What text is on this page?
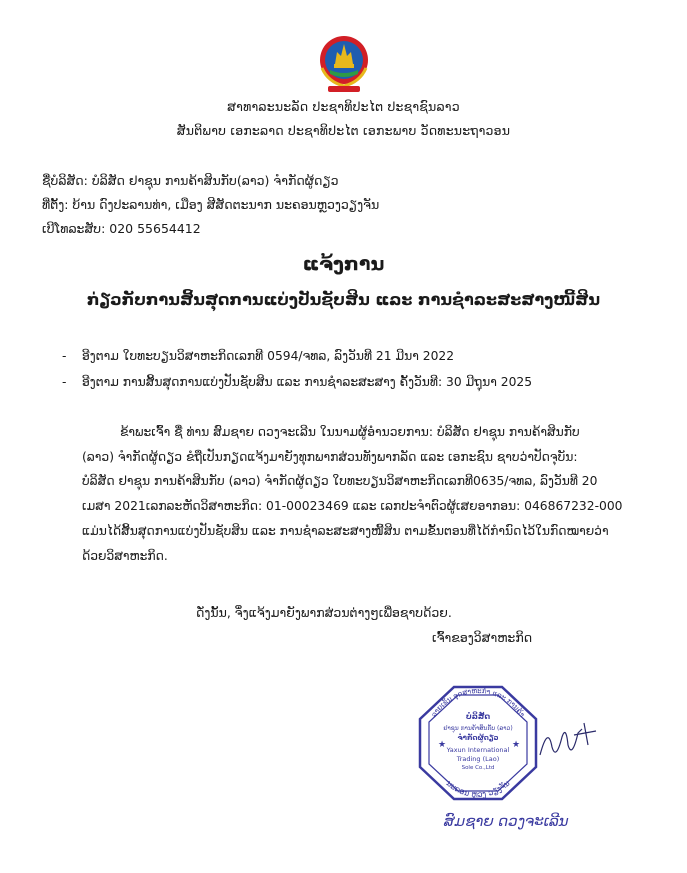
ສາທາລະນະລັດ ປະຊາທິປະໄຕ ປະຊາຊົນລາວ
ສັນຕິພາບ ເອກະລາດ ປະຊາທິປະໄຕ ເອກະພາບ ວັດທະນະຖາວອນ
ຊື່ບໍລິສັດ: ບໍລິສັດ ຢາຊຸນ ການຄ້າສິນກັບ(ລາວ) ຈຳກັດຜູ້ດຽວ
ທີ່ຕັ້ງ: ບ້ານ ດົງປະລານທ່າ, ເມືອງ ສີສັດຕະນາກ ນະຄອນຫຼວງວຽງຈັນ
ເບີໂທລະສັບ: 020 55654412
ແຈ້ງການ
ກ່ຽວກັບການສິ້ນສຸດການແບ່ງປັນຊັບສິນ ແລະ ການຊຳລະສະສາງໜີ້ສິນ
- ອີງຕາມ ໃບທະບຽນວິສາຫະກິດເລກທີ 0594/ຈທລ, ລົງວັນທີ 21 ມີນາ 2022
- ອີງຕາມ ການສິ້ນສຸດການແບ່ງປັນຊັບສິນ ແລະ ການຊຳລະສະສາງ ຄັ້ງວັນທີ: 30 ມີຖຸນາ 2025
ຂ້າພະເຈົ້າ ຊື່ ທ່ານ ສົມຊາຍ ດວງຈະເລີນ ໃນນາມຜູ້ອຳນວຍການ: ບໍລິສັດ ຢາຊຸນ ການຄ້າສິນກັບ
(ລາວ) ຈຳກັດຜູ້ດຽວ ຂໍຖືເປັນກຽດແຈ້ງມາຍັງທຸກພາກສ່ວນທັງພາກລັດ ແລະ ເອກະຊົນ ຊາບວ່າປັດຈຸບັນ:
ບໍລິສັດ ຢາຊຸນ ການຄ້າສິນກັບ (ລາວ) ຈຳກັດຜູ້ດຽວ ໃບທະບຽນວິສາຫະກິດເລກທີ0635/ຈທລ, ລົງວັນທີ 20
ເມສາ 2021ເລກລະຫັດວິສາຫະກິດ: 01-00023469 ແລະ ເລກປະຈຳຕົວຜູ້ເສຍອາກອນ: 046867232-000
ແມ່ນໄດ້ສິ້ນສຸດການແບ່ງປັນຊັບສິນ ແລະ ການຊຳລະສະສາງໜີ້ສິນ ຕາມຂັ້ນຕອນທີ່ໄດ້ກຳນົດໄວ້ໃນກົດໝາຍວ່າ
ດ້ວຍວິສາຫະກິດ.
ດັ່ງນັ້ນ, ຈຶ່ງແຈ້ງມາຍັງພາກສ່ວນຕ່າງໆເພື່ອຊາບດ້ວຍ.
ເຈົ້າຂອງວິສາຫະກິດ
ລາຍເຊັນ ອຸດສາຫະກຳ ແລະ ການຄ້າ
ນະຄອນ ຫຼວງ ວຽງຈັນ
★	★
ບໍລິສັດ
ຢາຊຸນ ການຄ້າສິນກັບ (ລາວ)
ຈຳກັດຜູ້ດຽວ
Yaxun International
Trading (Lao)
Sole Co.,Ltd
ສົມຊາຍ ດວງຈະເລີນ
